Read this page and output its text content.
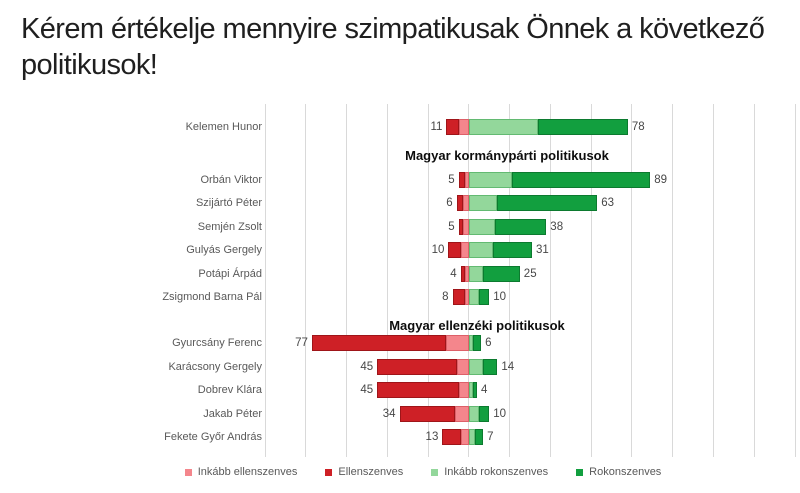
Kérem értékelje mennyire szimpatikusak Önnek a következő politikusok!
Kelemen Hunor	11	78
Magyar kormánypárti politikusok
Orbán Viktor	5	89
Szijártó Péter	6	63
Semjén Zsolt	5	38
Gulyás Gergely	10	31
Potápi Árpád	4	25
Zsigmond Barna Pál	8	10
Magyar ellenzéki politikusok
Gyurcsány Ferenc	77	6
Karácsony Gergely	45	14
Dobrev Klára	45	4
Jakab Péter	34	10
Fekete Győr András	13	7
Inkább ellenszenves	Ellenszenves	Inkább rokonszenves	Rokonszenves
